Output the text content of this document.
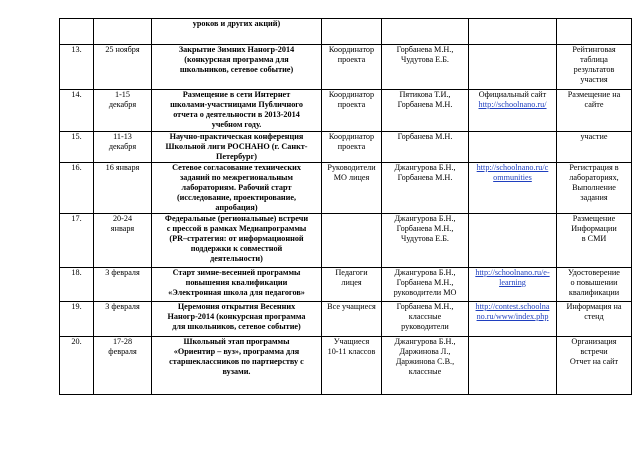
		уроков и других акций)				

13.	25 ноября	Закрытие Зимних Наногр-2014
(конкурсная программа для
школьников, сетевое событие)	Координатор
проекта	Горбанева М.Н.,
Чудутова Е.Б.		Рейтинговая
таблица
результатов
участия

14.	1-15
декабря	Размещение в сети Интернет
школами-участницами Публичного
отчета о деятельности в 2013-2014
учебном году.	Координатор
проекта	Пятикова Т.И.,
Горбанева М.Н.	Официальный сайт
http://schoolnano.ru/	Размещение на
сайте

15.	11-13
декабря	Научно-практическая конференция
Школьной лиги РОСНАНО (г. Санкт-
Петербург)	Координатор
проекта	Горбанева М.Н.		участие

16.	16 января	Сетевое согласование технических
заданий по межрегиональным
лабораториям. Рабочий старт
(исследование, проектирование,
апробация)	Руководители
МО лицея	Джангурова Б.Н.,
Горбанева М.Н.	http://schoolnano.ru/c
ommunities	Регистрация в
лабораториях,
Выполнение
задания

17.	20-24
января	Федеральные (региональные) встречи
с прессой в рамках Медиапрограммы
(PR–стратегия: от информационной
поддержки к совместной
деятельности)		Джангурова Б.Н.,
Горбанева М.Н.,
Чудутова Е.Б.		Размещение
Информации
в СМИ

18.	3 февраля	Старт зимне-весенней программы
повышения квалификации
«Электронная школа для педагогов»	Педагоги
лицея	Джангурова Б.Н.,
Горбанева М.Н.,
руководители МО	http://schoolnano.ru/e-
learning	Удостоверение
о повышении
квалификации

19.	3 февраля	Церемония открытия Весенних
Наногр-2014 (конкурсная программа
для школьников, сетевое событие)	Все учащиеся	Горбанева М.Н.,
классные
руководители	http://contest.schoolna
no.ru/www/index.php	Информация на
стенд

20.	17-28
февраля	Школьный этап программы
«Ориентир – вуз», программа для
старшеклассников по партнерству с
вузами.	Учащиеся
10-11 классов	Джангурова Б.Н.,
Даржинова Л.,
Даржинова С.В.,
классные		Организация
встречи
Отчет на сайт
